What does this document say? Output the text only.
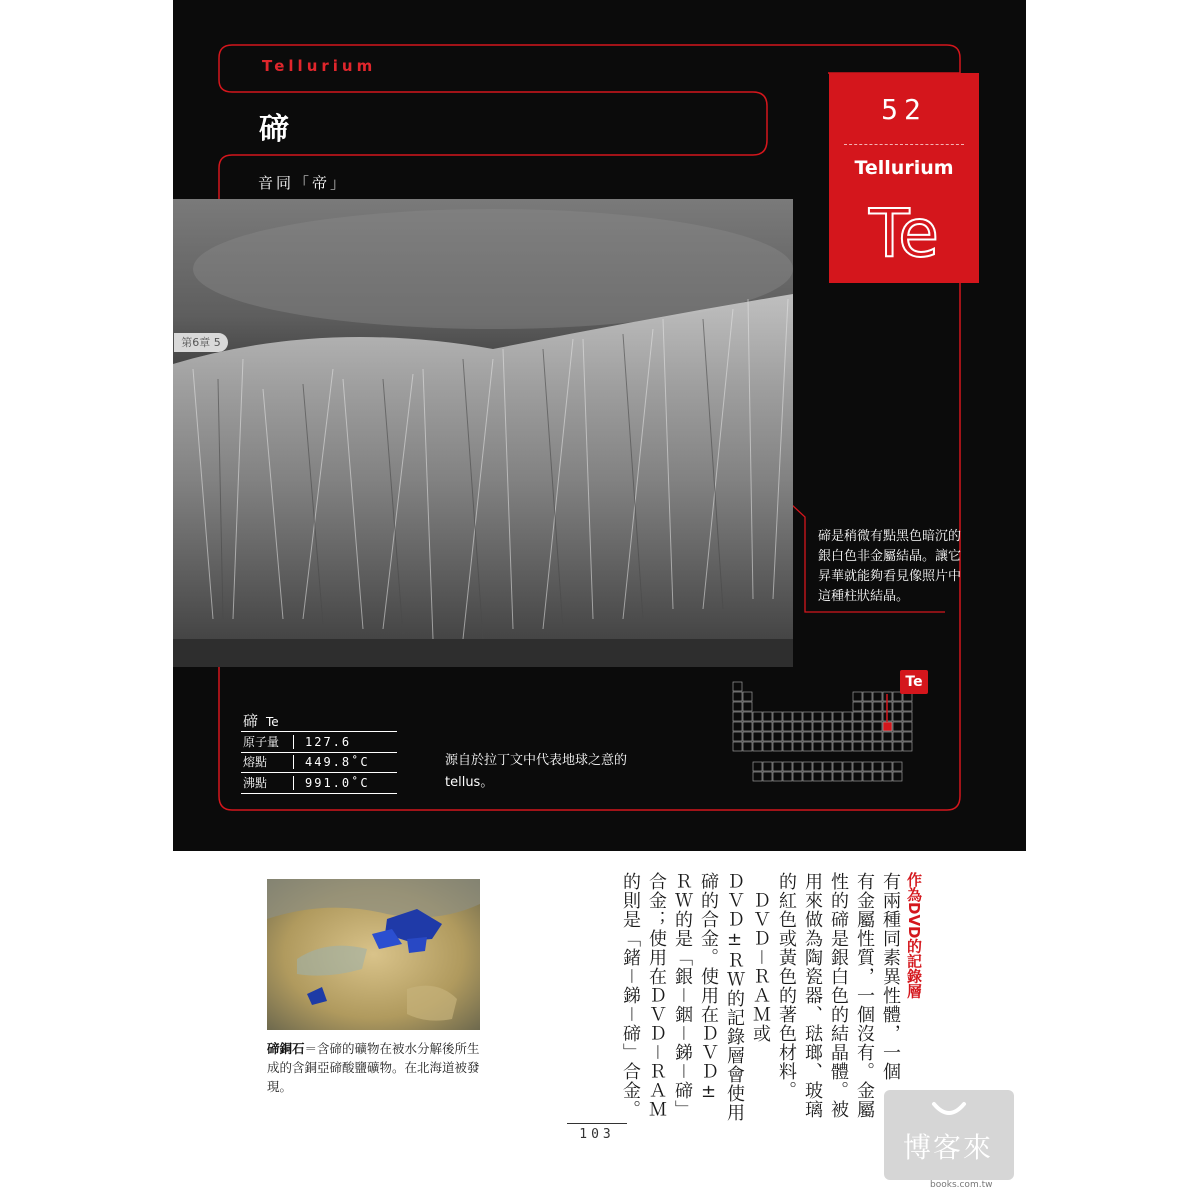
Tellurium
碲
音同「帝」
52
Tellurium
Te
第6章 5
碲是稍微有點黑色暗沉的銀白色非金屬結晶。讓它昇華就能夠看見像照片中這種柱狀結晶。
碲 Te
原子量 127.6
熔點	449.8˚C
沸點	991.0˚C
源自於拉丁文中代表地球之意的tellus。
Te
碲銅石＝含碲的礦物在被水分解後所生成的含銅亞碲酸鹽礦物。在北海道被發現。
作為DVD的記錄層
有兩種同素異性體，一個
有金屬性質，一個沒有。金屬
性的碲是銀白色的結晶體。被
用來做為陶瓷器、琺瑯、玻璃
的紅色或黃色的著色材料。
　ＤＶＤ－ＲＡＭ或
ＤＶＤ±ＲＷ的記錄層會使用
碲的合金。使用在ＤＶＤ±
ＲＷ的是「銀－銦－銻－碲」
合金；使用在ＤＶＤ－ＲＡＭ
的則是「鍺－銻－碲」合金。
103	博客來
books.com.tw
